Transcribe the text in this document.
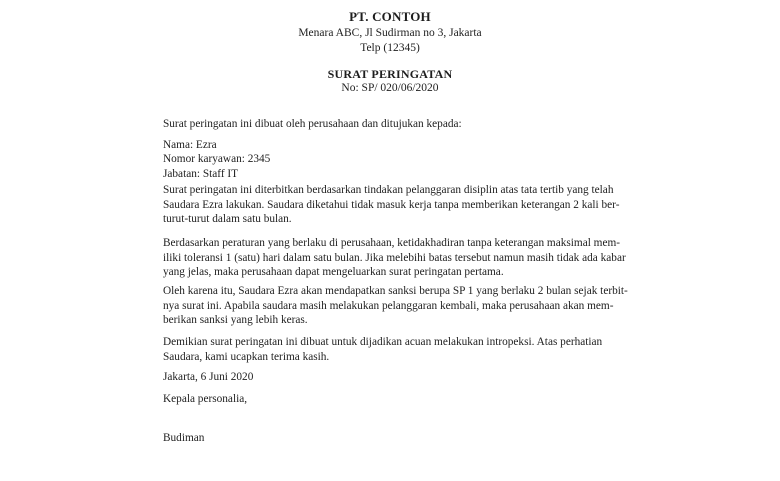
PT. CONTOH
Menara ABC, Jl Sudirman no 3, Jakarta
Telp (12345)
SURAT PERINGATAN
No: SP/ 020/06/2020
Surat peringatan ini dibuat oleh perusahaan dan ditujukan kepada:
Nama: Ezra
Nomor karyawan: 2345
Jabatan: Staff IT
Surat peringatan ini diterbitkan berdasarkan tindakan pelanggaran disiplin atas tata tertib yang telah
Saudara Ezra lakukan. Saudara diketahui tidak masuk kerja tanpa memberikan keterangan 2 kali ber-
turut-turut dalam satu bulan.
Berdasarkan peraturan yang berlaku di perusahaan, ketidakhadiran tanpa keterangan maksimal mem-
iliki toleransi 1 (satu) hari dalam satu bulan. Jika melebihi batas tersebut namun masih tidak ada kabar
yang jelas, maka perusahaan dapat mengeluarkan surat peringatan pertama.
Oleh karena itu, Saudara Ezra akan mendapatkan sanksi berupa SP 1 yang berlaku 2 bulan sejak terbit-
nya surat ini. Apabila saudara masih melakukan pelanggaran kembali, maka perusahaan akan mem-
berikan sanksi yang lebih keras.
Demikian surat peringatan ini dibuat untuk dijadikan acuan melakukan intropeksi. Atas perhatian
Saudara, kami ucapkan terima kasih.
Jakarta, 6 Juni 2020
Kepala personalia,
Budiman
